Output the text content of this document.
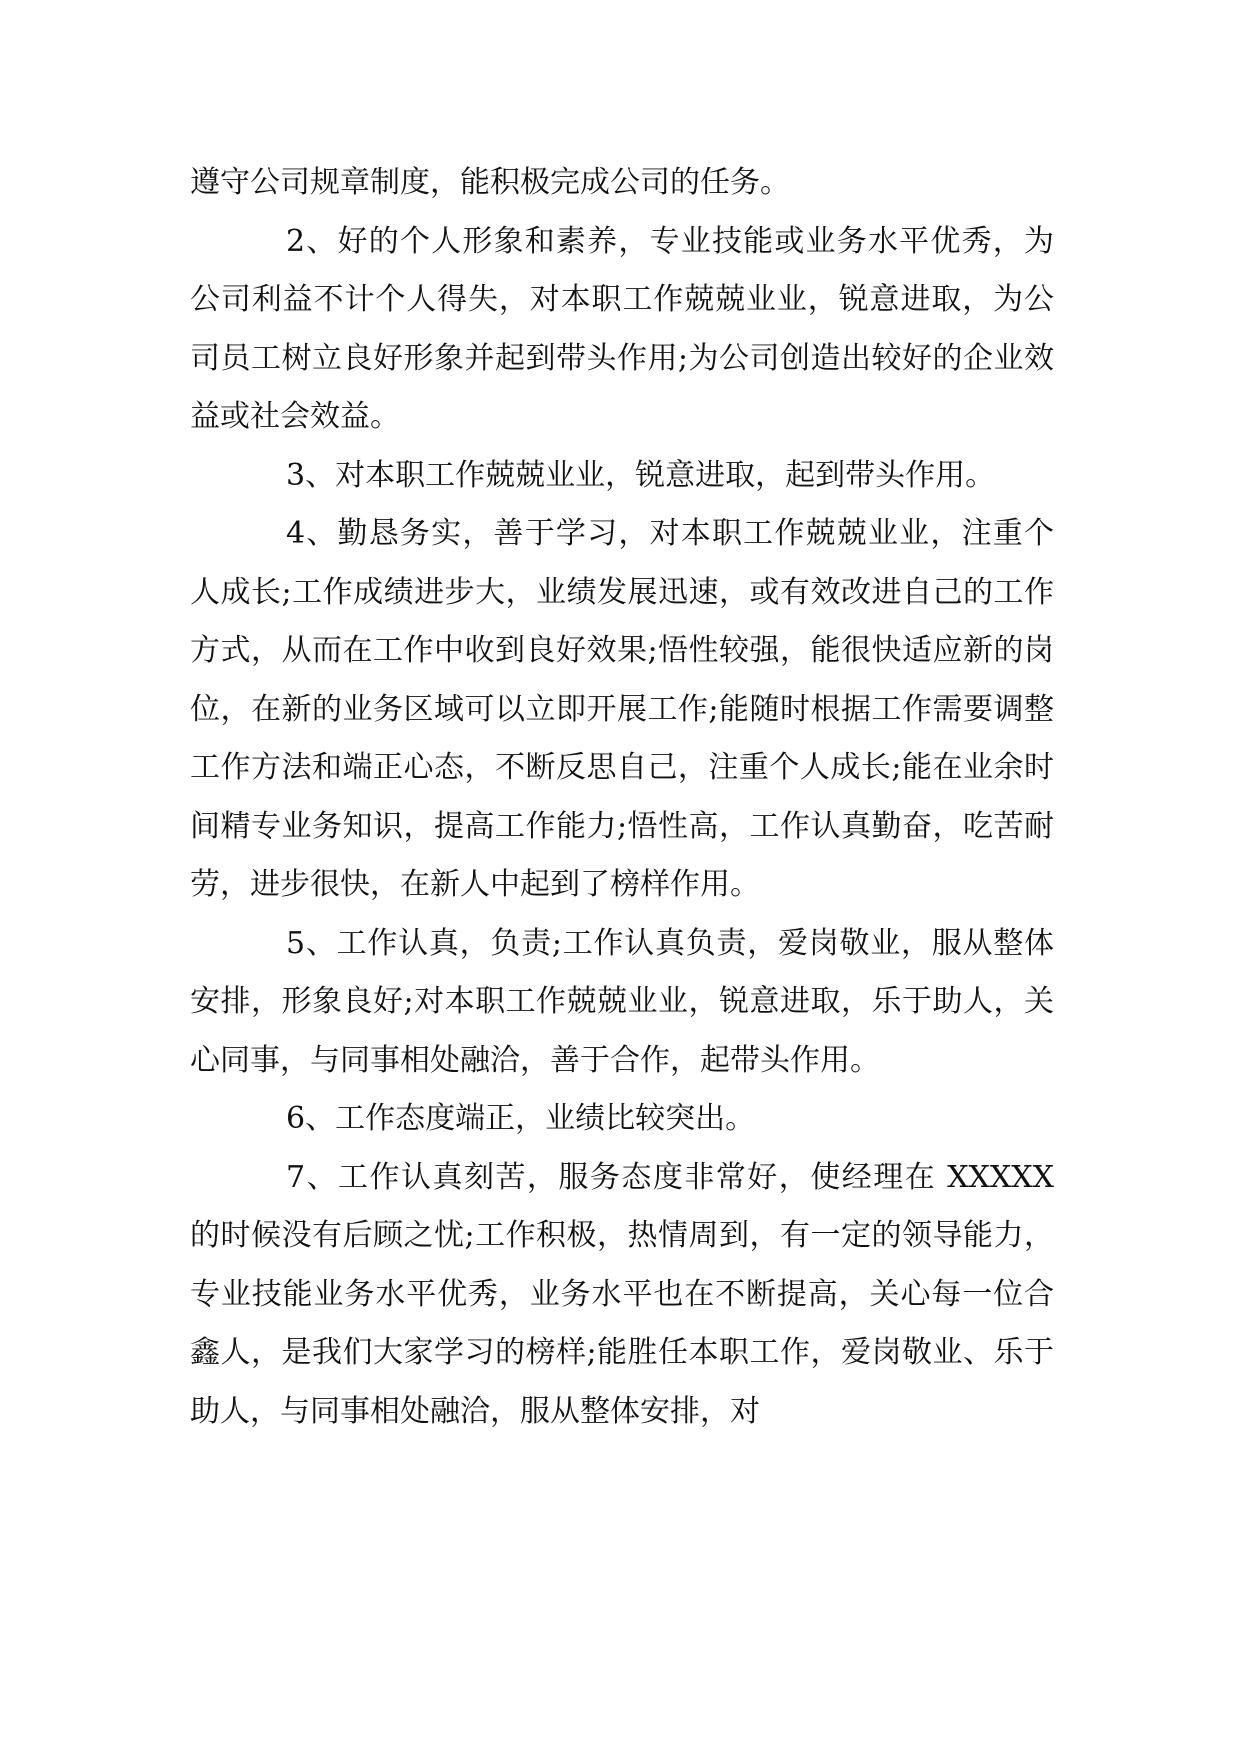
遵守公司规章制度，能积极完成公司的任务。

2、好的个人形象和素养，专业技能或业务水平优秀，为公司利益不计个人得失，对本职工作兢兢业业，锐意进取，为公司员工树立良好形象并起到带头作用;为公司创造出较好的企业效益或社会效益。

3、对本职工作兢兢业业，锐意进取，起到带头作用。

4、勤恳务实，善于学习，对本职工作兢兢业业，注重个人成长;工作成绩进步大，业绩发展迅速，或有效改进自己的工作方式，从而在工作中收到良好效果;悟性较强，能很快适应新的岗位，在新的业务区域可以立即开展工作;能随时根据工作需要调整工作方法和端正心态，不断反思自己，注重个人成长;能在业余时间精专业务知识，提高工作能力;悟性高，工作认真勤奋，吃苦耐劳，进步很快，在新人中起到了榜样作用。

5、工作认真，负责;工作认真负责，爱岗敬业，服从整体安排，形象良好;对本职工作兢兢业业，锐意进取，乐于助人，关心同事，与同事相处融洽，善于合作，起带头作用。

6、工作态度端正，业绩比较突出。

7、工作认真刻苦，服务态度非常好，使经理在 XXXXX 的时候没有后顾之忧;工作积极，热情周到，有一定的领导能力，专业技能业务水平优秀，业务水平也在不断提高，关心每一位合鑫人，是我们大家学习的榜样;能胜任本职工作，爱岗敬业、乐于助人，与同事相处融洽，服从整体安排，对
